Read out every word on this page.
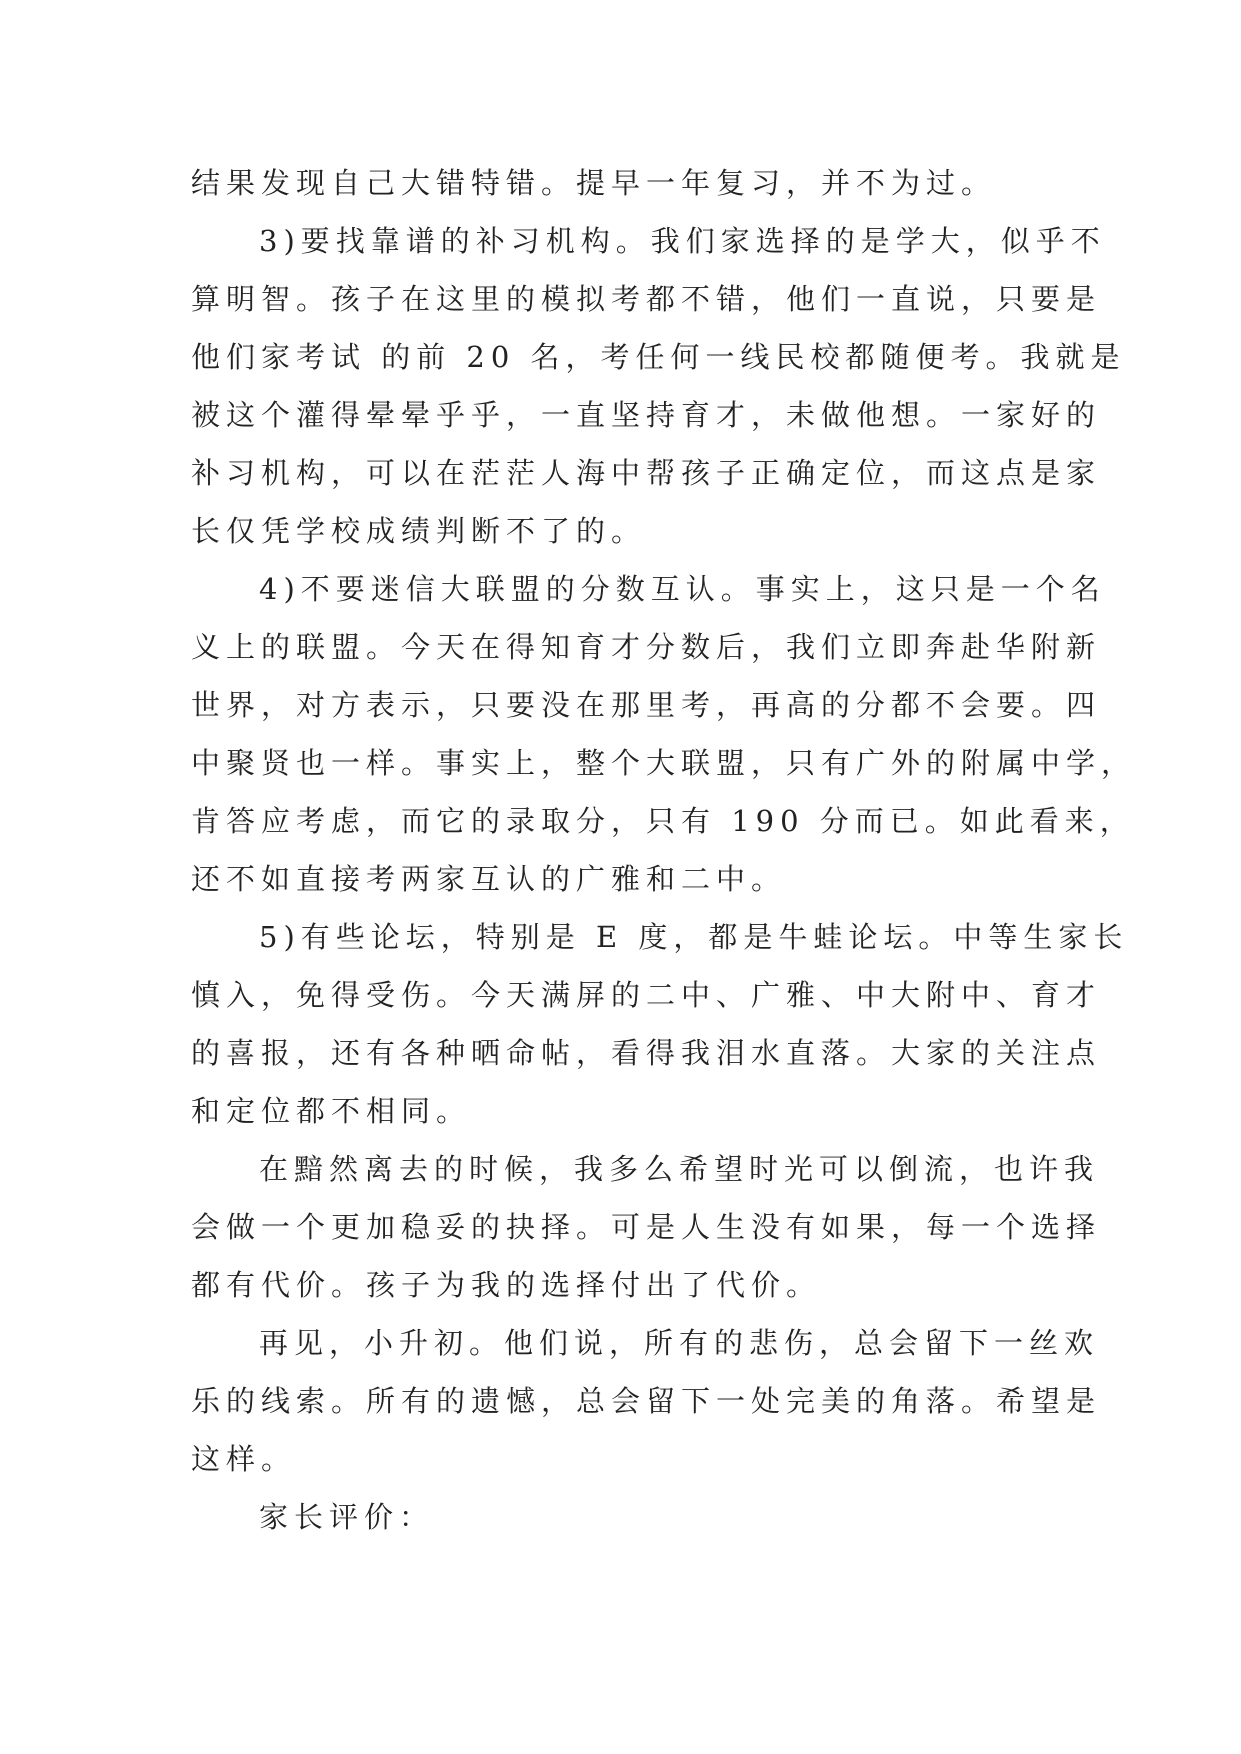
结果发现自己大错特错。提早一年复习，并不为过。
3)要找靠谱的补习机构。我们家选择的是学大，似乎不
算明智。孩子在这里的模拟考都不错，他们一直说，只要是
他们家考试 的前 20 名，考任何一线民校都随便考。我就是
被这个灌得晕晕乎乎，一直坚持育才，未做他想。一家好的
补习机构，可以在茫茫人海中帮孩子正确定位，而这点是家
长仅凭学校成绩判断不了的。
4)不要迷信大联盟的分数互认。事实上，这只是一个名
义上的联盟。今天在得知育才分数后，我们立即奔赴华附新
世界，对方表示，只要没在那里考，再高的分都不会要。四
中聚贤也一样。事实上，整个大联盟，只有广外的附属中学，
肯答应考虑，而它的录取分，只有 190 分而已。如此看来，
还不如直接考两家互认的广雅和二中。
5)有些论坛，特别是 E 度，都是牛蛙论坛。中等生家长
慎入，免得受伤。今天满屏的二中、广雅、中大附中、育才
的喜报，还有各种晒命帖，看得我泪水直落。大家的关注点
和定位都不相同。
在黯然离去的时候，我多么希望时光可以倒流，也许我
会做一个更加稳妥的抉择。可是人生没有如果，每一个选择
都有代价。孩子为我的选择付出了代价。
再见，小升初。他们说，所有的悲伤，总会留下一丝欢
乐的线索。所有的遗憾，总会留下一处完美的角落。希望是
这样。
家长评价：
